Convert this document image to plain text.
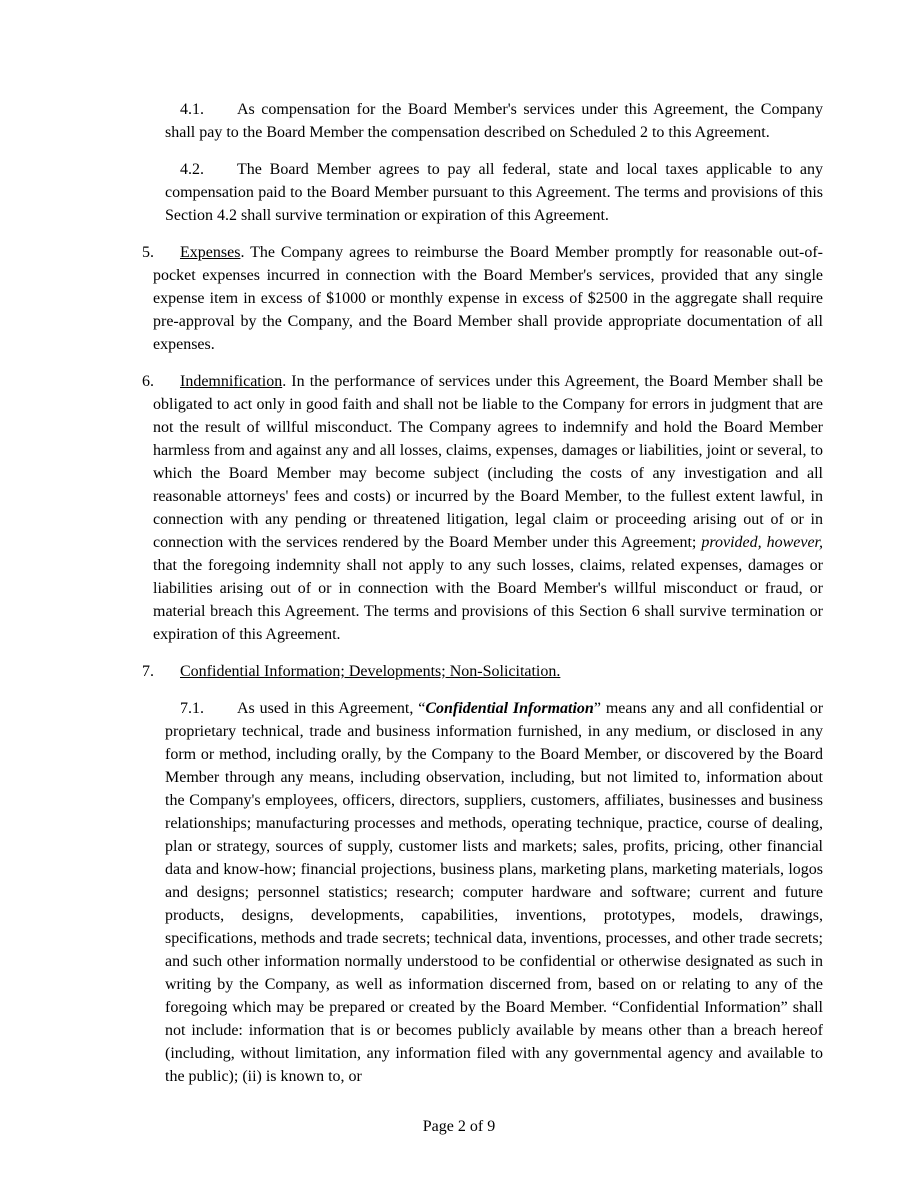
4.1. As compensation for the Board Member's services under this Agreement, the Company shall pay to the Board Member the compensation described on Scheduled 2 to this Agreement.

4.2. The Board Member agrees to pay all federal, state and local taxes applicable to any compensation paid to the Board Member pursuant to this Agreement. The terms and provisions of this Section 4.2 shall survive termination or expiration of this Agreement.

5. Expenses. The Company agrees to reimburse the Board Member promptly for reasonable out-of-pocket expenses incurred in connection with the Board Member's services, provided that any single expense item in excess of $1000 or monthly expense in excess of $2500 in the aggregate shall require pre-approval by the Company, and the Board Member shall provide appropriate documentation of all expenses.

6. Indemnification. In the performance of services under this Agreement, the Board Member shall be obligated to act only in good faith and shall not be liable to the Company for errors in judgment that are not the result of willful misconduct. The Company agrees to indemnify and hold the Board Member harmless from and against any and all losses, claims, expenses, damages or liabilities, joint or several, to which the Board Member may become subject (including the costs of any investigation and all reasonable attorneys' fees and costs) or incurred by the Board Member, to the fullest extent lawful, in connection with any pending or threatened litigation, legal claim or proceeding arising out of or in connection with the services rendered by the Board Member under this Agreement; provided, however, that the foregoing indemnity shall not apply to any such losses, claims, related expenses, damages or liabilities arising out of or in connection with the Board Member's willful misconduct or fraud, or material breach this Agreement. The terms and provisions of this Section 6 shall survive termination or expiration of this Agreement.

7. Confidential Information; Developments; Non-Solicitation.

7.1. As used in this Agreement, “Confidential Information” means any and all confidential or proprietary technical, trade and business information furnished, in any medium, or disclosed in any form or method, including orally, by the Company to the Board Member, or discovered by the Board Member through any means, including observation, including, but not limited to, information about the Company's employees, officers, directors, suppliers, customers, affiliates, businesses and business relationships; manufacturing processes and methods, operating technique, practice, course of dealing, plan or strategy, sources of supply, customer lists and markets; sales, profits, pricing, other financial data and know-how; financial projections, business plans, marketing plans, marketing materials, logos and designs; personnel statistics; research; computer hardware and software; current and future products, designs, developments, capabilities, inventions, prototypes, models, drawings, specifications, methods and trade secrets; technical data, inventions, processes, and other trade secrets; and such other information normally understood to be confidential or otherwise designated as such in writing by the Company, as well as information discerned from, based on or relating to any of the foregoing which may be prepared or created by the Board Member. “Confidential Information” shall not include: information that is or becomes publicly available by means other than a breach hereof (including, without limitation, any information filed with any governmental agency and available to the public); (ii) is known to, or

Page 2 of 9
